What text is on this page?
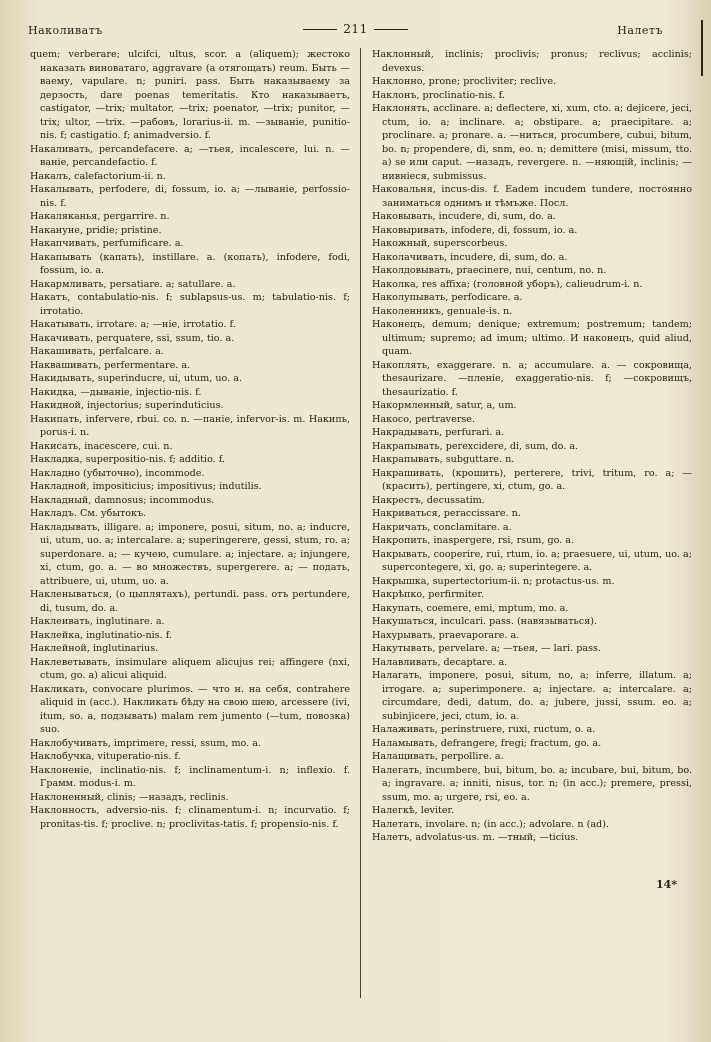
Наколиватъ	211	Налетъ

quem; verberare; ulcifci, ultus, scor. a (aliquem); жестоко наказать виноватаго, aggravare (a отягощать) reum. Быть —ваему, vapulare. n; puniri. pass. Быть наказываему за дерзость, dare poenas temeritatis. Кто наказываетъ, castigator, —trix; multator, —trix; poenator, —trix; punitor, —trix; ultor, —trix. —рабовъ, lorarius-ii. m. —зываніе, punitio-nis. f; castigatio. f; animadversio. f.

Накаливать, percandefacere. a; —тьея, incalescere, lui. n. —ваніе, percandefactio. f.

Накалъ, calefactorium-ii. n.

Накалывать, perfodere, di, fossum, io. a; —лываніе, perfossio-nis. f.

Накаляканья, pergarrire. n.

Накануне, pridie; pristine.

Накапчивать, perfumificare. a.

Накапывать (капать), instillare. a. (копать), infodere, fodi, fossum, io. a.

Накармливать, persatiare. a; satullare. a.

Накатъ, contabulatio-nis. f; sublapsus-us. m; tabulatio-nis. f; irrotatio.

Накатывать, irrotare. a; —ніе, irrotatio. f.

Накачивать, perquatere, ssi, ssum, tio. a.

Накашивать, perfalcare. a.

Наквашивать, perfermentare. a.

Накидывать, superinducre, ui, utum, uo. a.

Накидка, —дываніе, injectio-nis. f.

Накидной, injectorius; superinduticius.

Накипать, infervere, rbui. co. n. —паніе, infervor-is. m. Накипь, porus-i. n.

Накисать, inacescere, cui. n.

Накладка, superpositio-nis. f; additio. f.

Накладно (убыточно), incommode.

Накладной, impositicius; impositivus; indutilis.

Накладный, damnosus; incommodus.

Накладъ. См. убытокъ.

Накладывать, illigare. a; imponere, posui, situm, no. a; inducre, ui, utum, uo. a; intercalare. a; superingerere, gessi, stum, ro. a; superdonare. a; — кучею, cumulare. a; injectare. a; injungere, xi, ctum, go. a. — во множествъ, supergerere. a; — подать, attribuere, ui, utum, uo. a.

Накленываться, (о цыплятахъ), pertundi. pass. отъ pertundere, di, tusum, do. a.

Наклеивать, inglutinare. a.

Наклейка, inglutinatio-nis. f.

Наклейной, inglutinarius.

Наклеветывать, insimulare aliquem alicujus rei; affingere (nxi, ctum, go. a) alicui aliquid.

Накликать, convocare plurimos. — что н. на себя, contrahere aliquid in (acc.). Накликать бѣду на свою шею, arcessere (ivi, itum, so. a, подзывать) malam rem jumento (—tum, повозка) suo.

Наклобучивать, imprimere, ressi, ssum, mo. a.

Наклобучка, vituperatio-nis. f.

Наклоненіе, inclinatio-nis. f; inclinamentum-i. n; inflexio. f. Грамм. modus-i. m.

Наклоненный, clinis; —назадъ, reclinis.

Наклонность, adversio-nis. f; clinamentum-i. n; incurvatio. f; pronitas-tis. f; proclive. n; proclivitas-tatis. f; propensio-nis. f.

Наклонный, inclinis; proclivis; pronus; reclivus; acclinis; devexus.

Наклонно, prone; procliviter; reclive.

Наклонъ, proclinatio-nis. f.

Наклонять, acclinare. a; deflectere, xi, xum, cto. a; dejicere, jeci, ctum, io. a; inclinare. a; obstipare. a; praecipitare. a; proclinare. a; pronare. a. —ниться, procumbere, cubui, bitum, bo. n; propendere, di, snm, eo. n; demittere (misi, missum, tto. a) se или caput. —назадъ, revergere. n. —няющій, inclinis; —нивніеся, submissus.

Наковальня, incus-dis. f. Eadem incudem tundere, постоянно заниматься однимъ и тѣмъже. Посл.

Наковывать, incudere, di, sum, do. a.

Наковыривать, infodere, di, fossum, io. a.

Накожный, superscorbeus.

Наколачивать, incudere, di, sum, do. a.

Наколдовывать, praecinere, nui, centum, no. n.

Наколка, res affixa; (головной уборъ), calieudrum-i. n.

Наколупывать, perfodicare. a.

Наколенникъ, genuale-is. n.

Наконецъ, demum; denique; extremum; postremum; tandem; ultimum; supremo; ad imum; ultimo. И наконецъ, quid aliud, quam.

Накоплять, exaggerare. n. a; accumulare. a. — сокровища, thesaurizare. —пленіе, exaggeratio-nis. f; —сокровищъ, thesaurizatio. f.

Накормленный, satur, a, um.

Накосо, pertraverse.

Накрадывать, perfurari. a.

Накрапывать, perexcidere, di, sum, do. a.

Накрапывать, subguttare. n.

Накрашивать, (крошить), perterere, trivi, tritum, ro. a; — (красить), pertingere, xi, ctum, go. a.

Накрестъ, decussatim.

Накриваться, peraccissare. n.

Накричать, conclamitare. a.

Накропить, inaspergere, rsi, rsum, go. a.

Накрывать, cooperire, rui, rtum, io. a; praesuere, ui, utum, uo. a; supercontegere, xi, go. a; superintegere. a.

Накрышка, supertectorium-ii. n; protactus-us. m.

Накрѣпко, perfirmiter.

Накупать, coemere, emi, mptum, mo. a.

Накушаться, inculcari. pass. (навязываться).

Нахурывать, praevaporare. a.

Накутывать, pervelare. a; —тьея, — lari. pass.

Налавливать, decaptare. a.

Налагать, imponere, posui, situm, no, a; inferre, illatum. a; irrogare. a; superimponere. a; injectare. a; intercalare. a; circumdare, dedi, datum, do. a; jubere, jussi, ssum. eo. a; subinjicere, jeci, ctum, io. a.

Налаживать, perinstruere, ruxi, ructum, o. a.

Наламывать, defrangere, fregi; fractum, go. a.

Налащивать, perpollire. a.

Налегать, incumbere, bui, bitum, bo. a; incubare, bui, bitum, bo. a; ingravare. a; inniti, nisus, tor. n; (in acc.); premere, pressi, ssum, mo. a; urgere, rsi, eo. a.

Налегкѣ, leviter.

Налетать, involare. n; (in acc.); advolare. n (ad).

Налетъ, advolatus-us. m. —тный, —ticius.

14*
